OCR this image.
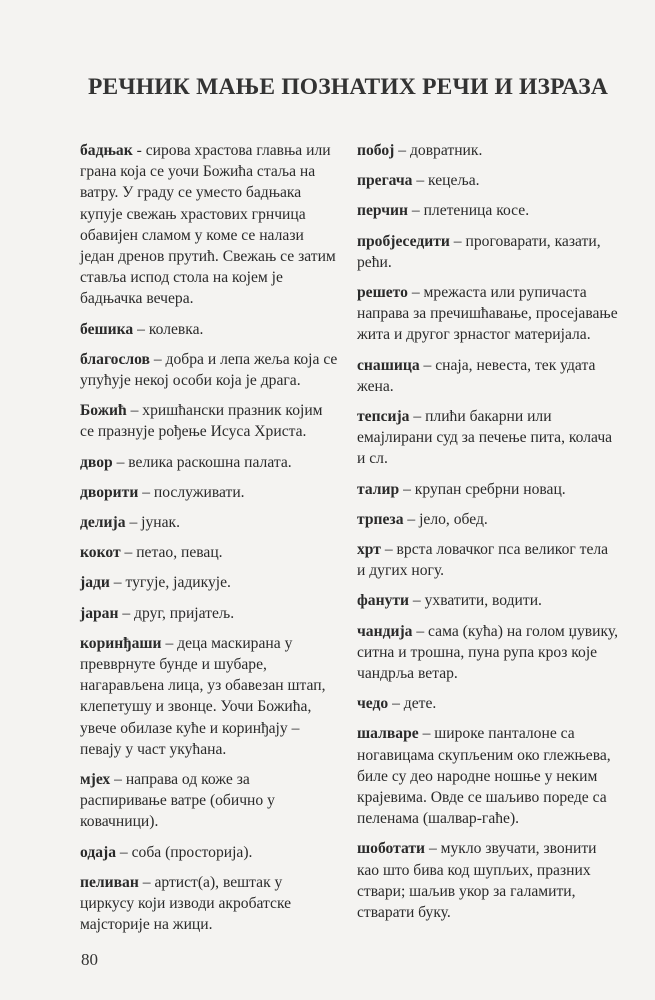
РЕЧНИК МАЊЕ ПОЗНАТИХ РЕЧИ И ИЗРАЗА
бадњак - сирова храстова главња или грана која се уочи Божића стаља на ватру. У граду се уместо бадњака купује свежањ храстових грнчица обавијен сламом у коме се налази један дренов прутић. Свежањ се затим ставља испод стола на којем је бадњачка вечера.
бешика – колевка.
благослов – добра и лепа жеља која се упућује некој особи која је драга.
Божић – хришћански празник којим се празнује рођење Исуса Христа.
двор – велика раскошна палата.
дворити – послуживати.
делија – јунак.
кокот – петао, певац.
јади – тугује, јадикује.
јаран – друг, пријатељ.
коринђаши – деца маскирана у превврнуте бунде и шубаре, нагарављена лица, уз обавезан штап, клепетушу и звонце. Уочи Божића, увече обилазе куће и коринђају – певају у част укућана.
мјех – направа од коже за распиривање ватре (обично у ковачници).
одаја – соба (просторија).
пеливан – артист(а), вештак у циркусу који изводи акробатске мајсторије на жици.
побој – довратник.
прегача – кецеља.
перчин – плетеница косе.
пробјеседити – проговарати, казати, рећи.
решето – мрежаста или рупичаста направа за пречишћавање, просејавање жита и другог зрнастог материјала.
снашица – снаја, невеста, тек удата жена.
тепсија – плићи бакарни или емајлирани суд за печење пита, колача и сл.
талир – крупан сребрни новац.
трпеза – јело, обед.
хрт – врста ловачког пса великог тела и дугих ногу.
фанути – ухватити, водити.
чандија – сама (кућа) на голом џувику, ситна и трошна, пуна рупа кроз које чандрља ветар.
чедо – дете.
шалваре – широке панталоне са ногавицама скупљеним око глежњева, биле су део народне ношње у неким крајевима. Овде се шаљиво пореде са пеленама (шалвар-гаће).
шоботати – мукло звучати, звонити као што бива код шупљих, празних ствари; шаљив укор за галамити, стварати буку.
80
